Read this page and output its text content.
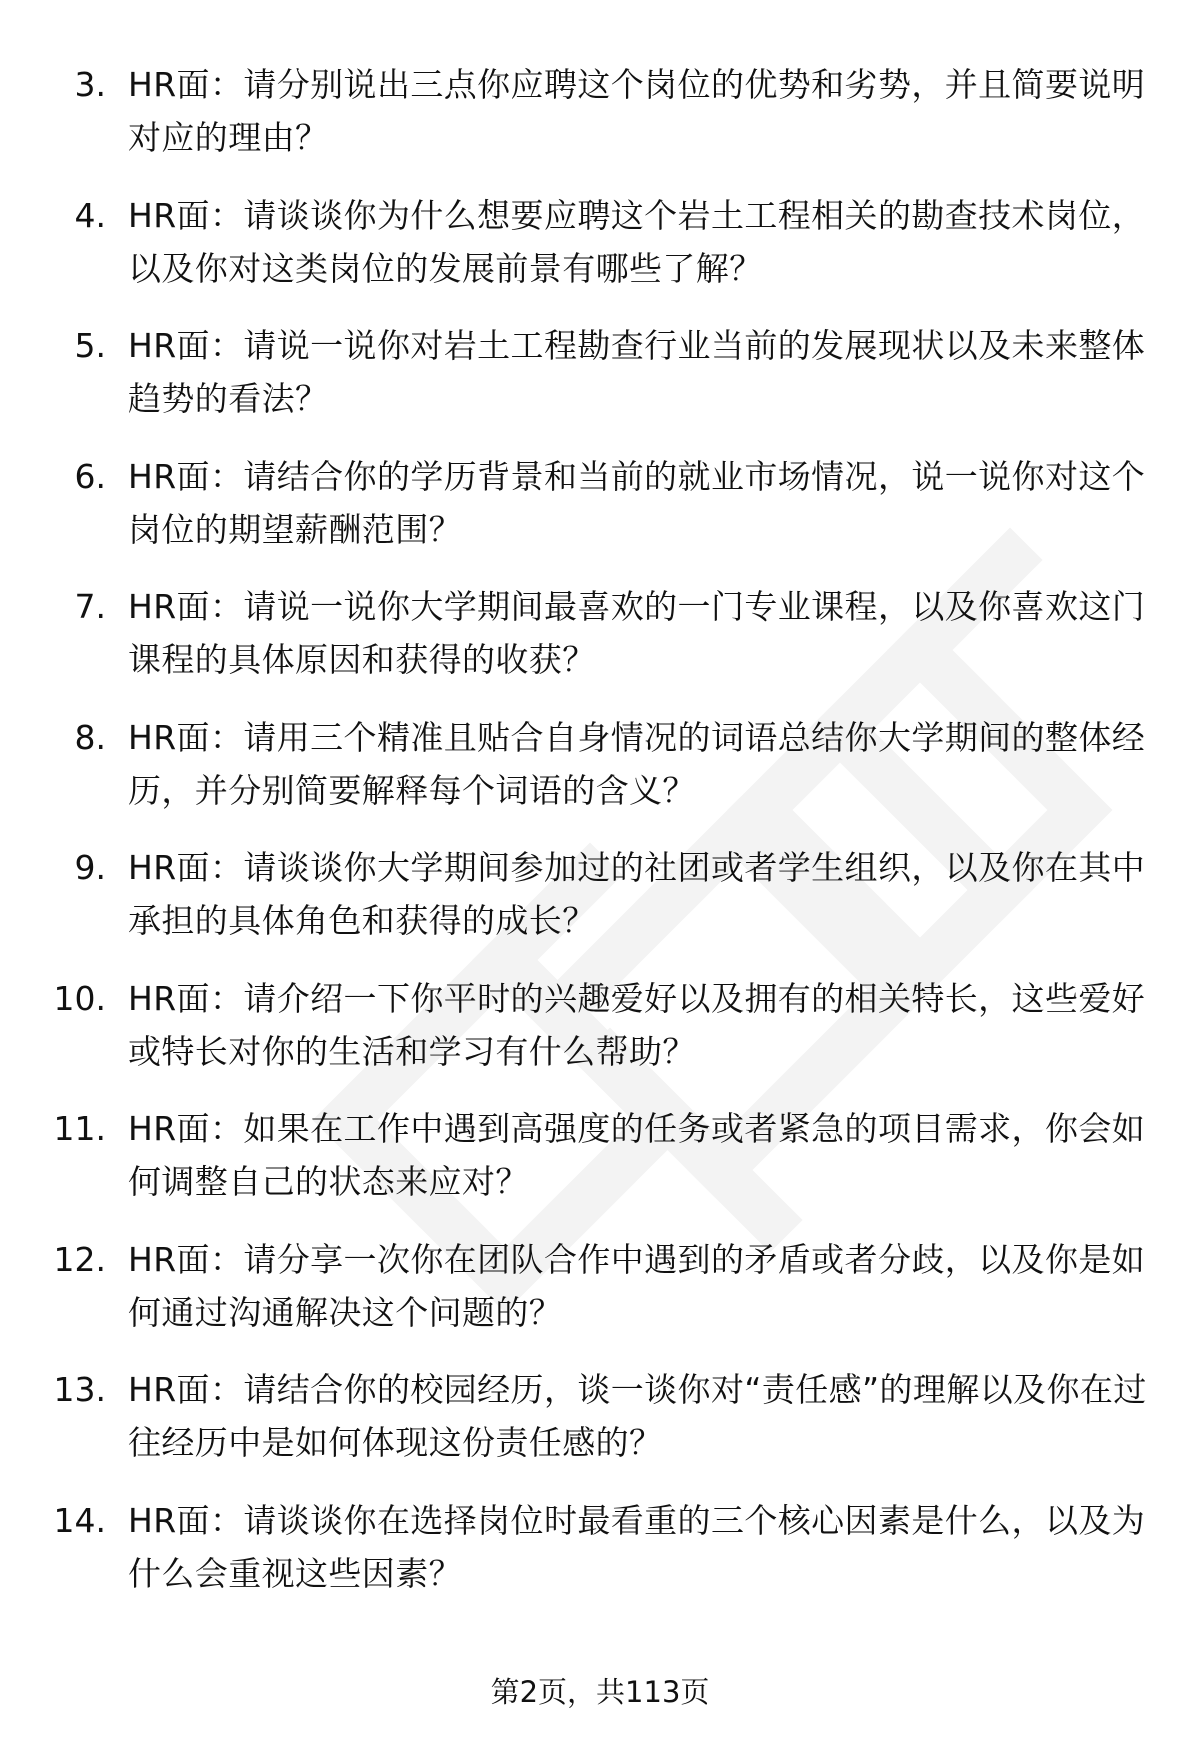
3. HR面：请分别说出三点你应聘这个岗位的优势和劣势，并且简要说明对应的理由？
4. HR面：请谈谈你为什么想要应聘这个岩土工程相关的勘查技术岗位，以及你对这类岗位的发展前景有哪些了解？
5. HR面：请说一说你对岩土工程勘查行业当前的发展现状以及未来整体趋势的看法？
6. HR面：请结合你的学历背景和当前的就业市场情况，说一说你对这个岗位的期望薪酬范围？
7. HR面：请说一说你大学期间最喜欢的一门专业课程，以及你喜欢这门课程的具体原因和获得的收获？
8. HR面：请用三个精准且贴合自身情况的词语总结你大学期间的整体经历，并分别简要解释每个词语的含义？
9. HR面：请谈谈你大学期间参加过的社团或者学生组织，以及你在其中承担的具体角色和获得的成长？
10. HR面：请介绍一下你平时的兴趣爱好以及拥有的相关特长，这些爱好或特长对你的生活和学习有什么帮助？
11. HR面：如果在工作中遇到高强度的任务或者紧急的项目需求，你会如何调整自己的状态来应对？
12. HR面：请分享一次你在团队合作中遇到的矛盾或者分歧，以及你是如何通过沟通解决这个问题的？
13. HR面：请结合你的校园经历，谈一谈你对“责任感”的理解以及你在过往经历中是如何体现这份责任感的？
14. HR面：请谈谈你在选择岗位时最看重的三个核心因素是什么，以及为什么会重视这些因素？
第2页，共113页
